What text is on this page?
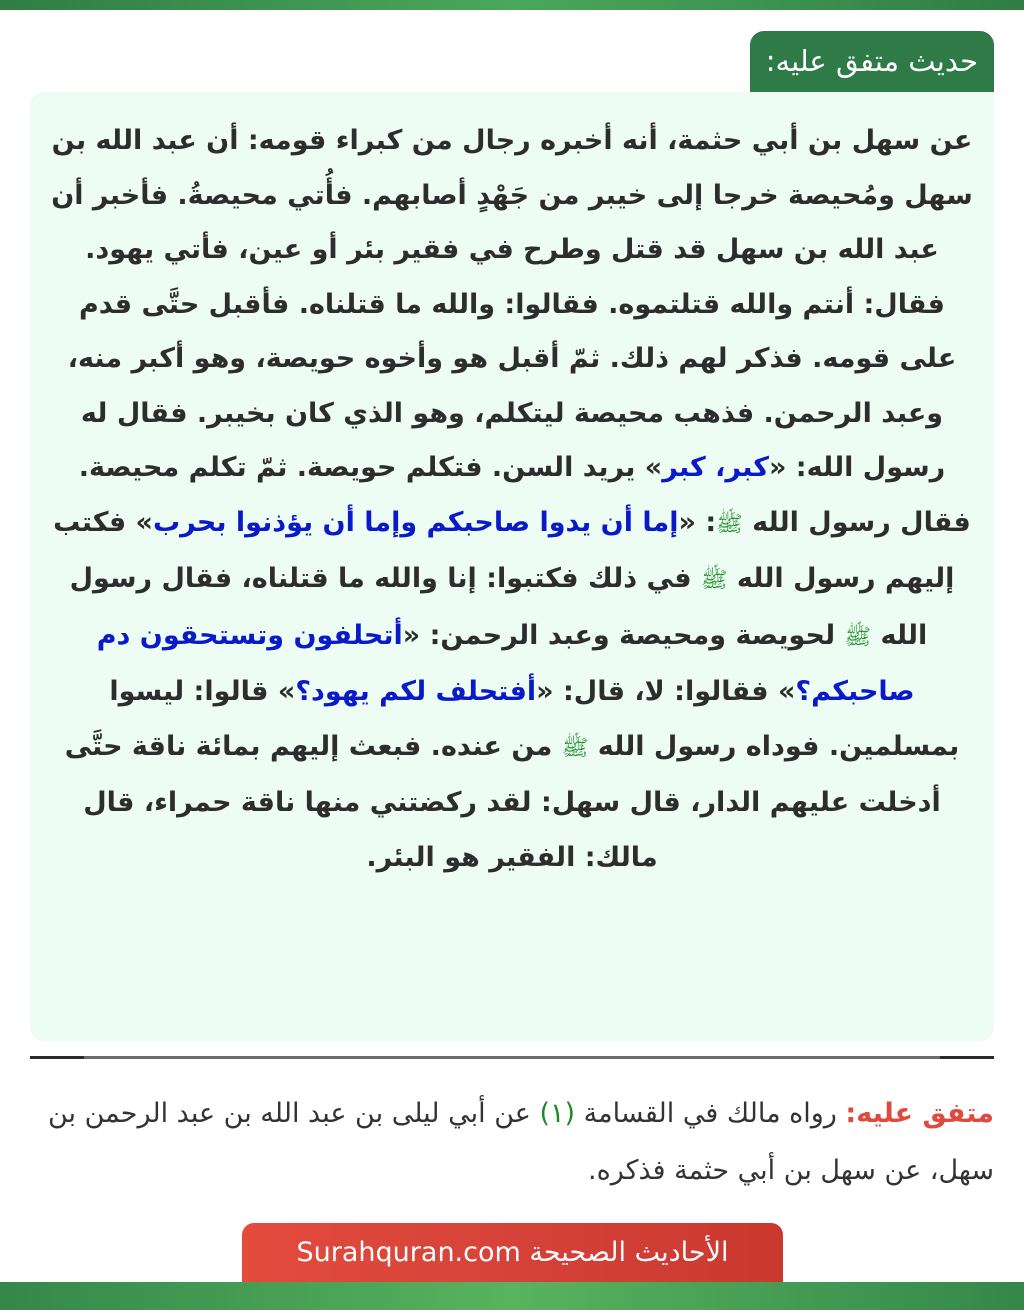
حديث متفق عليه:

عن سهل بن أبي حثمة، أنه أخبره رجال من كبراء قومه: أن عبد الله بن سهل ومُحيصة خرجا إلى خيبر من جَهْدٍ أصابهم. فأُتي محيصةُ. فأخبر أن عبد الله بن سهل قد قتل وطرح في فقير بئر أو عين، فأتي يهود. فقال: أنتم والله قتلتموه. فقالوا: والله ما قتلناه. فأقبل حتَّى قدم على قومه. فذكر لهم ذلك. ثمّ أقبل هو وأخوه حويصة، وهو أكبر منه، وعبد الرحمن. فذهب محيصة ليتكلم، وهو الذي كان بخيبر. فقال له رسول الله: «كبر، كبر» يريد السن. فتكلم حويصة. ثمّ تكلم محيصة. فقال رسول الله ﷺ: «إما أن يدوا صاحبكم وإما أن يؤذنوا بحرب» فكتب إليهم رسول الله ﷺ في ذلك فكتبوا: إنا والله ما قتلناه، فقال رسول الله ﷺ لحويصة ومحيصة وعبد الرحمن: «أتحلفون وتستحقون دم صاحبكم؟» فقالوا: لا، قال: «أفتحلف لكم يهود؟» قالوا: ليسوا بمسلمين. فوداه رسول الله ﷺ من عنده. فبعث إليهم بمائة ناقة حتَّى أدخلت عليهم الدار، قال سهل: لقد ركضتني منها ناقة حمراء، قال مالك: الفقير هو البئر.

متفق عليه: رواه مالك في القسامة (١) عن أبي ليلى بن عبد الله بن عبد الرحمن بن سهل، عن سهل بن أبي حثمة فذكره.
الأحاديث الصحيحة Surahquran.com
